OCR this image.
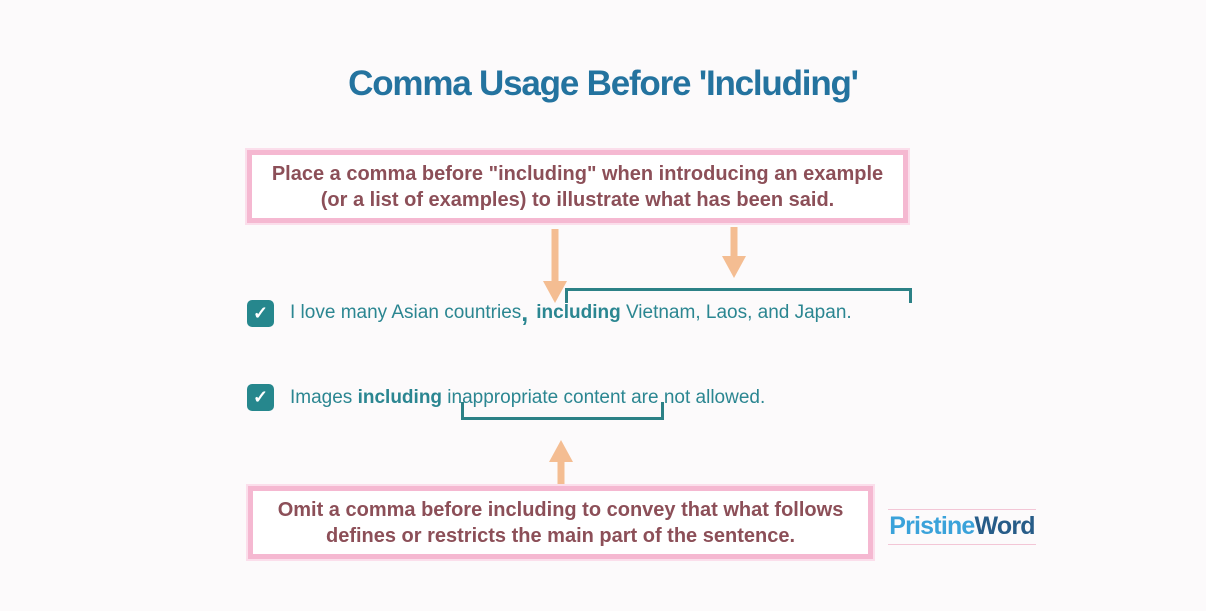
Comma Usage Before 'Including'
Place a comma before "including" when introducing an example
(or a list of examples) to illustrate what has been said.
✓ I love many Asian countries, including Vietnam, Laos, and Japan.
✓ Images including inappropriate content are not allowed.
Omit a comma before including to convey that what follows
defines or restricts the main part of the sentence.	PristineWord
